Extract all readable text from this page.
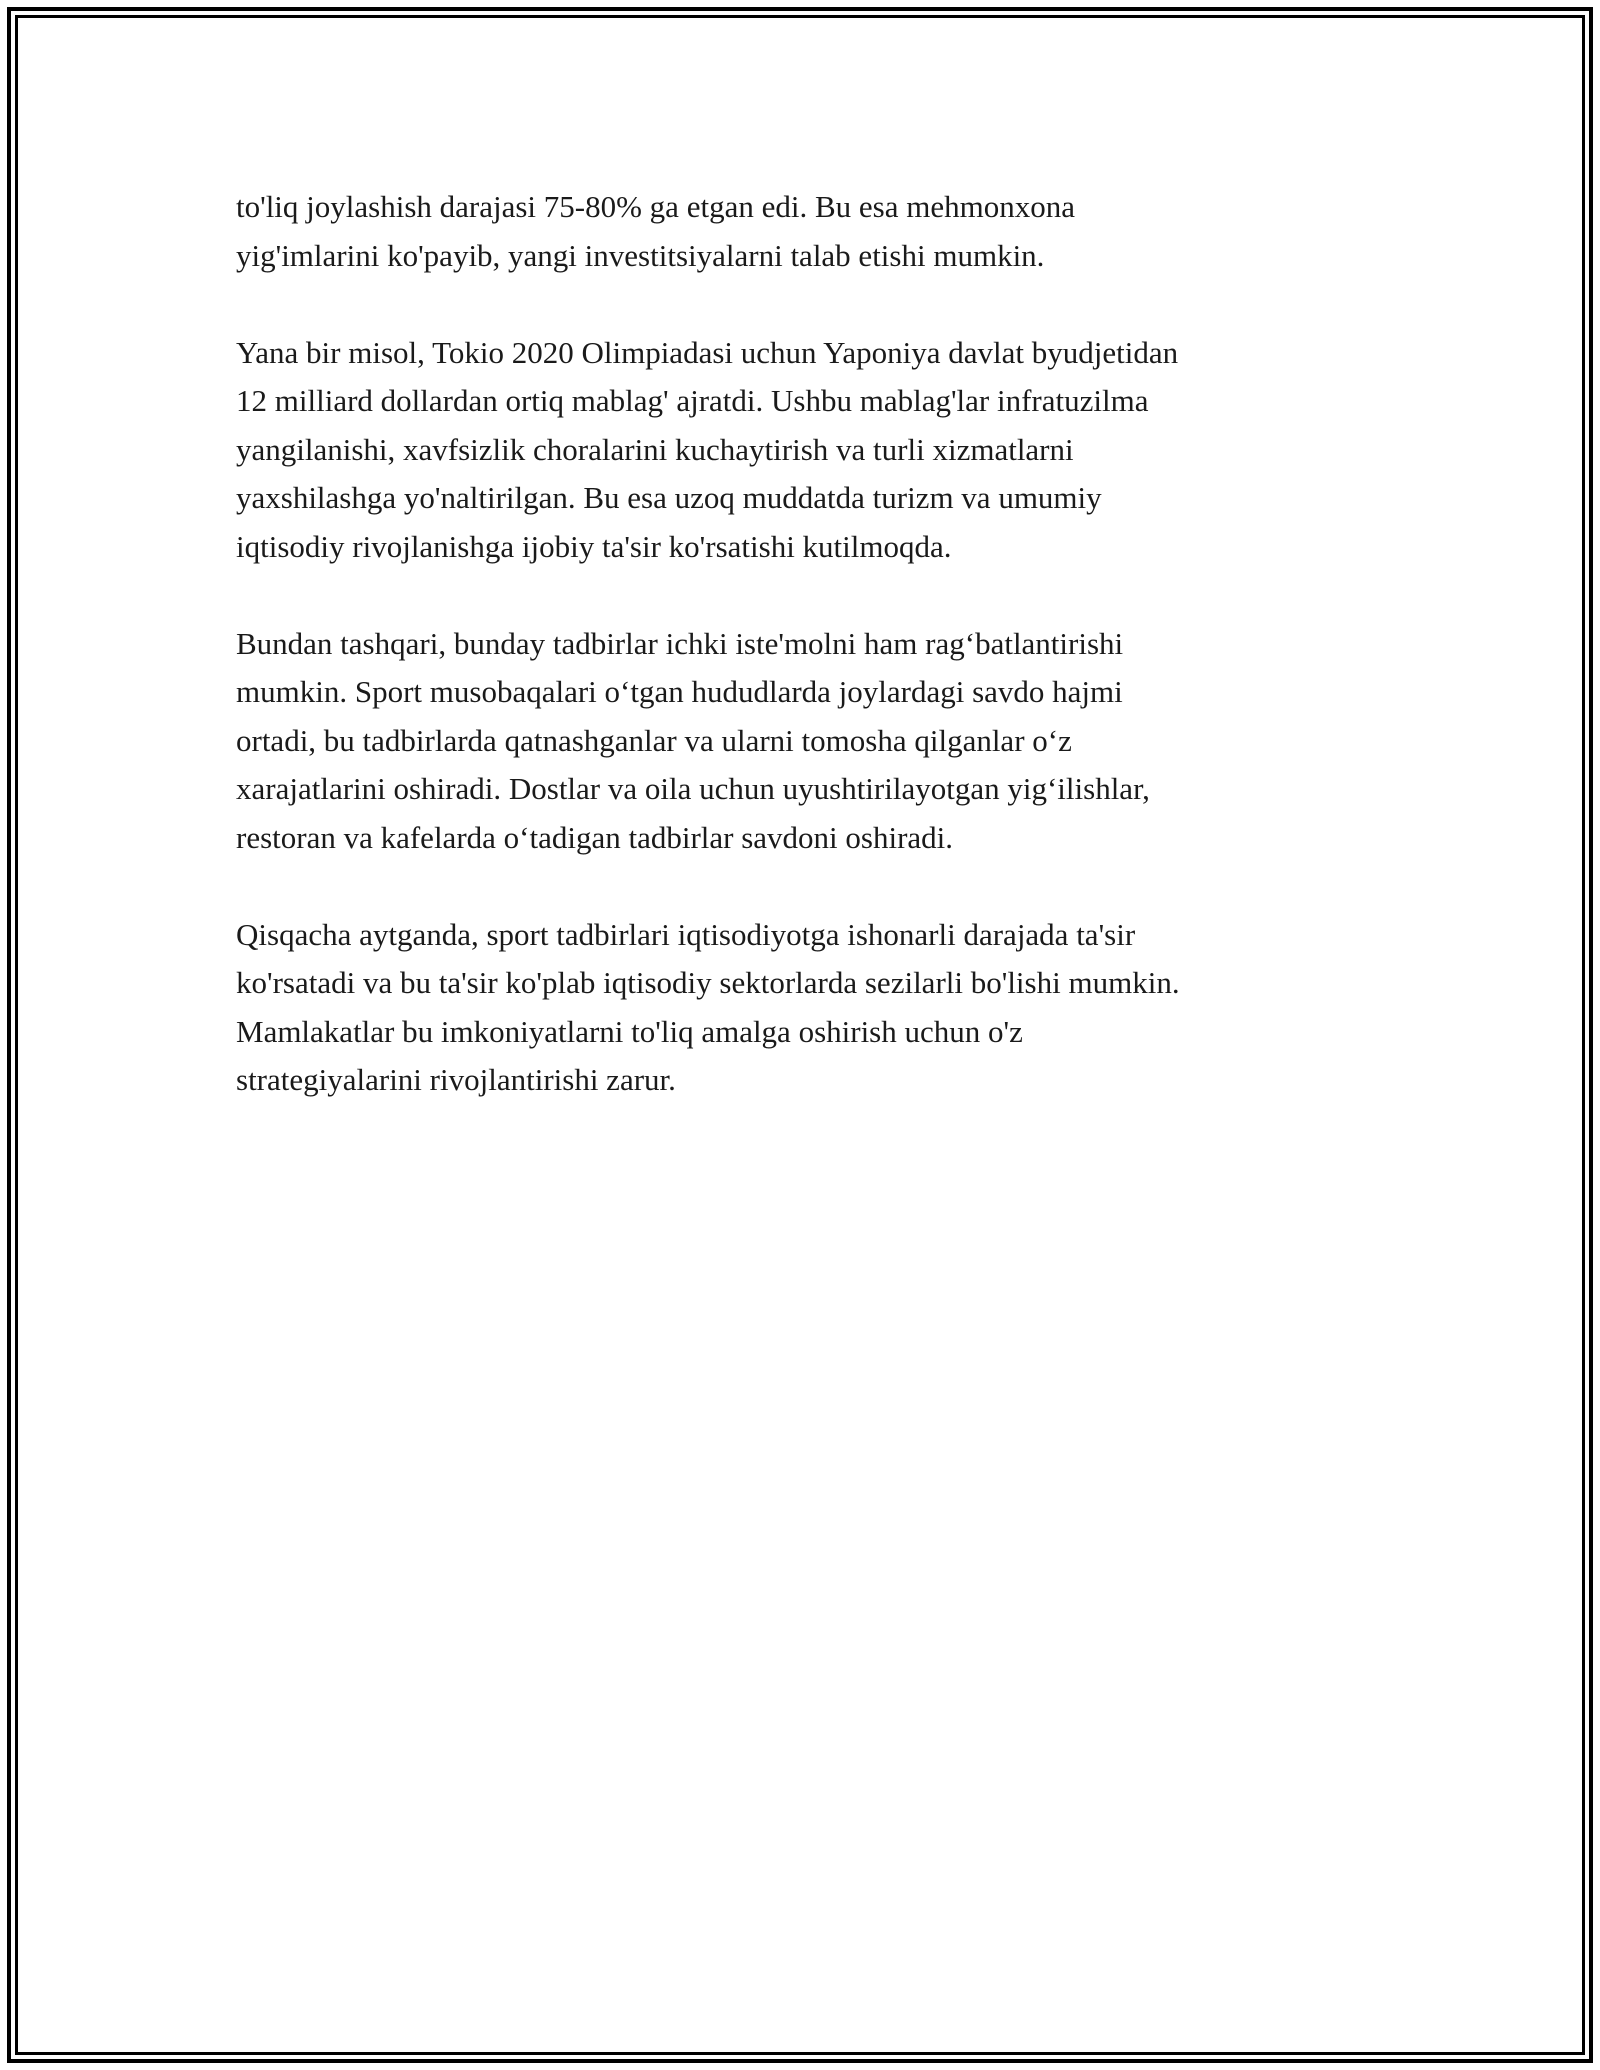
to'liq joylashish darajasi 75-80% ga etgan edi. Bu esa mehmonxona
yig'imlarini ko'payib, yangi investitsiyalarni talab etishi mumkin.

Yana bir misol, Tokio 2020 Olimpiadasi uchun Yaponiya davlat byudjetidan
12 milliard dollardan ortiq mablag' ajratdi. Ushbu mablag'lar infratuzilma
yangilanishi, xavfsizlik choralarini kuchaytirish va turli xizmatlarni
yaxshilashga yo'naltirilgan. Bu esa uzoq muddatda turizm va umumiy
iqtisodiy rivojlanishga ijobiy ta'sir ko'rsatishi kutilmoqda.

Bundan tashqari, bunday tadbirlar ichki iste'molni ham rag‘batlantirishi
mumkin. Sport musobaqalari o‘tgan hududlarda joylardagi savdo hajmi
ortadi, bu tadbirlarda qatnashganlar va ularni tomosha qilganlar o‘z
xarajatlarini oshiradi. Dostlar va oila uchun uyushtirilayotgan yig‘ilishlar,
restoran va kafelarda o‘tadigan tadbirlar savdoni oshiradi.

Qisqacha aytganda, sport tadbirlari iqtisodiyotga ishonarli darajada ta'sir
ko'rsatadi va bu ta'sir ko'plab iqtisodiy sektorlarda sezilarli bo'lishi mumkin.
Mamlakatlar bu imkoniyatlarni to'liq amalga oshirish uchun o'z
strategiyalarini rivojlantirishi zarur.
